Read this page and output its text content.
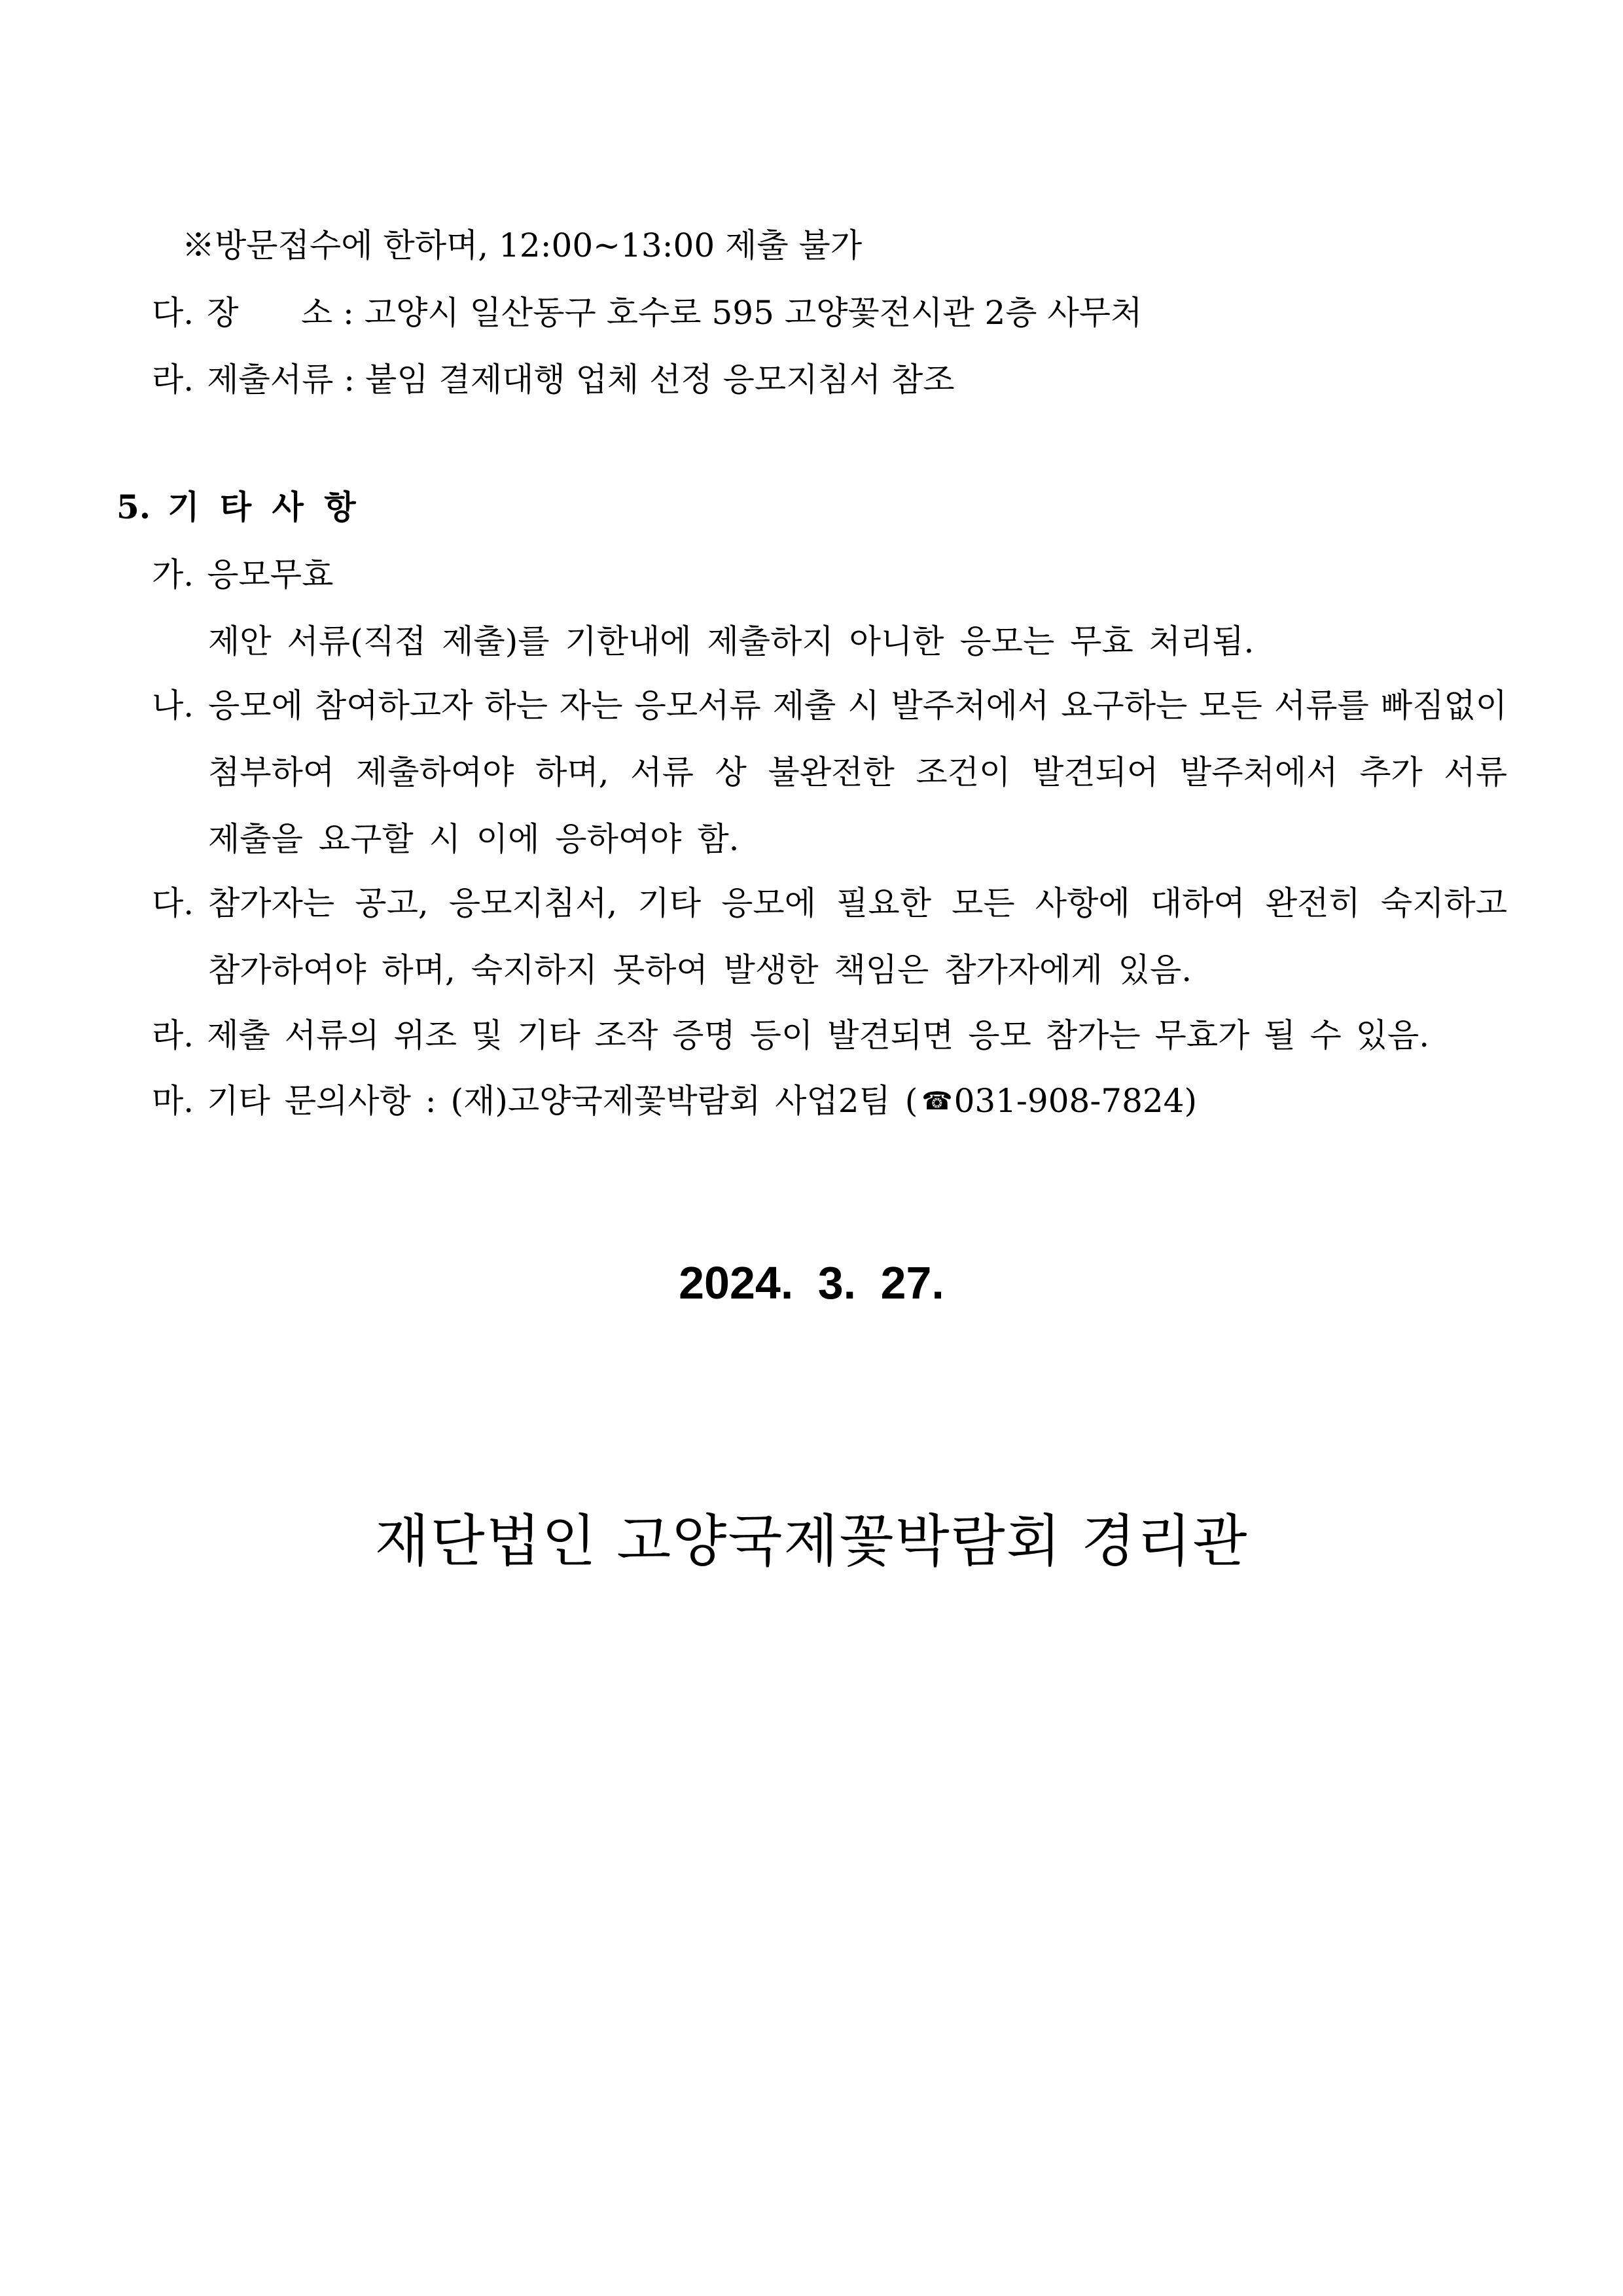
※방문접수에 한하며, 12:00~13:00 제출 불가
다. 장      소 : 고양시 일산동구 호수로 595 고양꽃전시관 2층 사무처
라. 제출서류 : 붙임 결제대행 업체 선정 응모지침서 참조
5. 기 타 사 항
가. 응모무효
제안 서류(직접 제출)를 기한내에 제출하지 아니한 응모는 무효 처리됨.
나. 응모에 참여하고자 하는 자는 응모서류 제출 시 발주처에서 요구하는 모든 서류를 빠짐없이
첨부하여 제출하여야 하며, 서류 상 불완전한 조건이 발견되어 발주처에서 추가 서류
제출을 요구할 시 이에 응하여야 함.
다. 참가자는 공고, 응모지침서, 기타 응모에 필요한 모든 사항에 대하여 완전히 숙지하고
참가하여야 하며, 숙지하지 못하여 발생한 책임은 참가자에게 있음.
라. 제출 서류의 위조 및 기타 조작 증명 등이 발견되면 응모 참가는 무효가 될 수 있음.
마. 기타 문의사항 : (재)고양국제꽃박람회 사업2팀 ( ☎031-908-7824)
2024. 3. 27.
재단법인 고양국제꽃박람회 경리관
